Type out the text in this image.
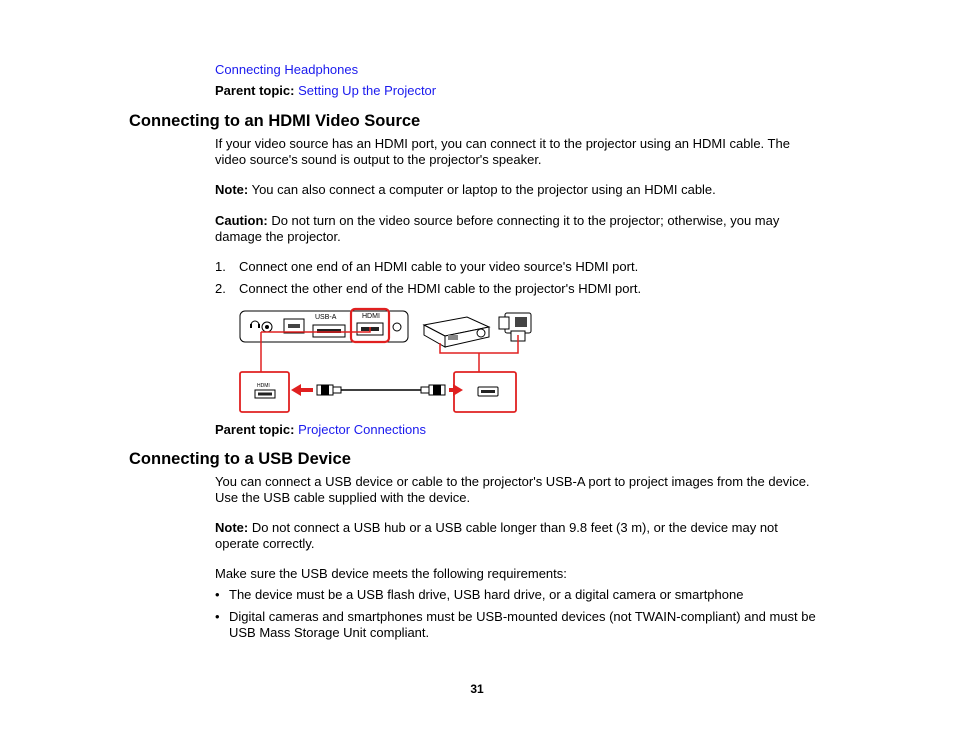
Connecting Headphones
Parent topic: Setting Up the Projector
Connecting to an HDMI Video Source
If your video source has an HDMI port, you can connect it to the projector using an HDMI cable. The
video source's sound is output to the projector's speaker.
Note: You can also connect a computer or laptop to the projector using an HDMI cable.
Caution: Do not turn on the video source before connecting it to the projector; otherwise, you may
damage the projector.
1. Connect one end of an HDMI cable to your video source's HDMI port.
2. Connect the other end of the HDMI cable to the projector's HDMI port.
USB-A	HDMI
HDMI
Parent topic: Projector Connections
Connecting to a USB Device
You can connect a USB device or cable to the projector's USB-A port to project images from the device.
Use the USB cable supplied with the device.
Note: Do not connect a USB hub or a USB cable longer than 9.8 feet (3 m), or the device may not
operate correctly.
Make sure the USB device meets the following requirements:
• The device must be a USB flash drive, USB hard drive, or a digital camera or smartphone
• Digital cameras and smartphones must be USB-mounted devices (not TWAIN-compliant) and must be
USB Mass Storage Unit compliant.
31
